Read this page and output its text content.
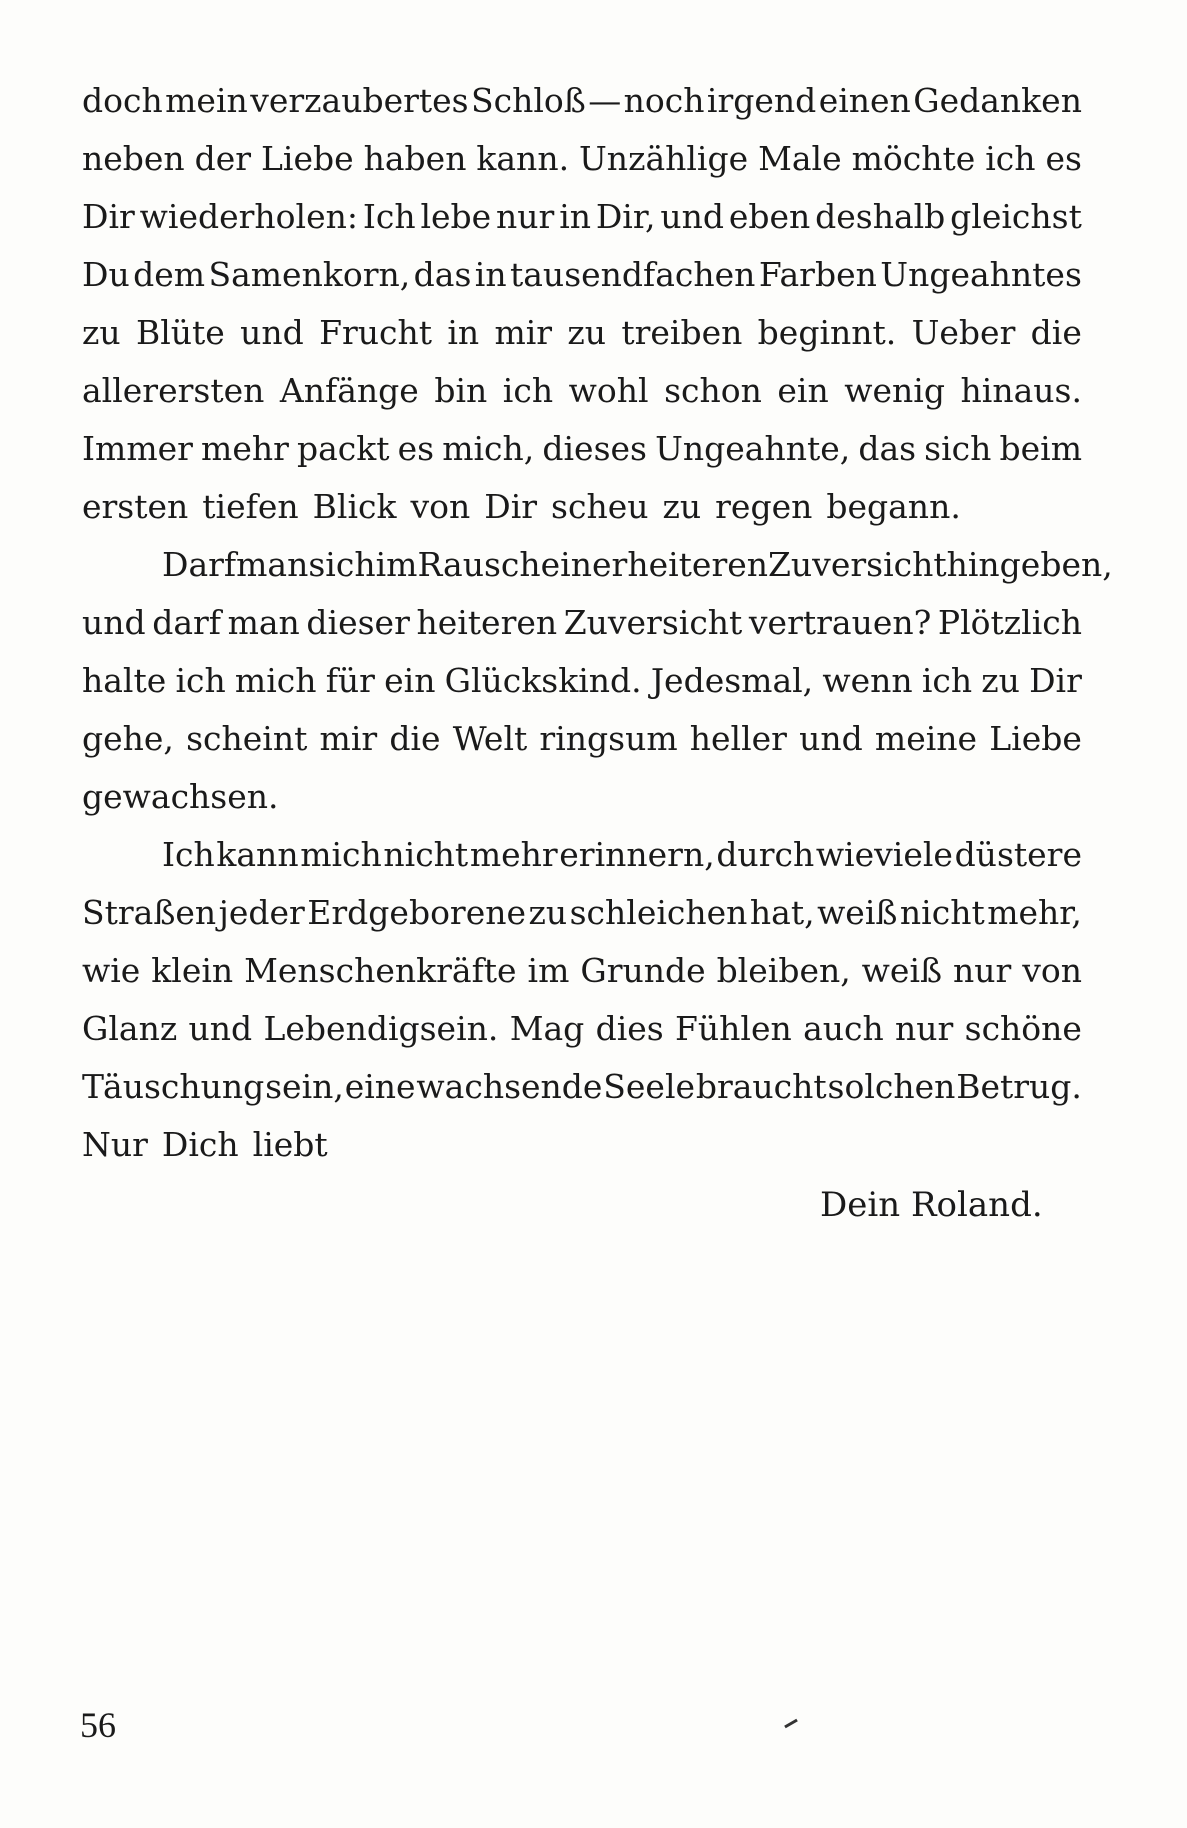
doch mein verzaubertes Schloß — noch irgend einen Gedanken
neben der Liebe haben kann. Unzählige Male möchte ich es
Dir wiederholen: Ich lebe nur in Dir, und eben deshalb gleichst
Du dem Samenkorn, das in tausendfachen Farben Ungeahntes
zu Blüte und Frucht in mir zu treiben beginnt. Ueber die
allerersten Anfänge bin ich wohl schon ein wenig hinaus.
Immer mehr packt es mich, dieses Ungeahnte, das sich beim
ersten tiefen Blick von Dir scheu zu regen begann.
Darf man sich im Rausch einer heiteren Zuversicht hingeben,
und darf man dieser heiteren Zuversicht vertrauen? Plötzlich
halte ich mich für ein Glückskind. Jedesmal, wenn ich zu Dir
gehe, scheint mir die Welt ringsum heller und meine Liebe
gewachsen.
Ich kann mich nicht mehr erinnern, durch wieviele düstere
Straßen jeder Erdgeborene zu schleichen hat, weiß nicht mehr,
wie klein Menschenkräfte im Grunde bleiben, weiß nur von
Glanz und Lebendigsein. Mag dies Fühlen auch nur schöne
Täuschung sein, eine wachsende Seele braucht solchen Betrug.
Nur Dich liebt
Dein Roland.
56
